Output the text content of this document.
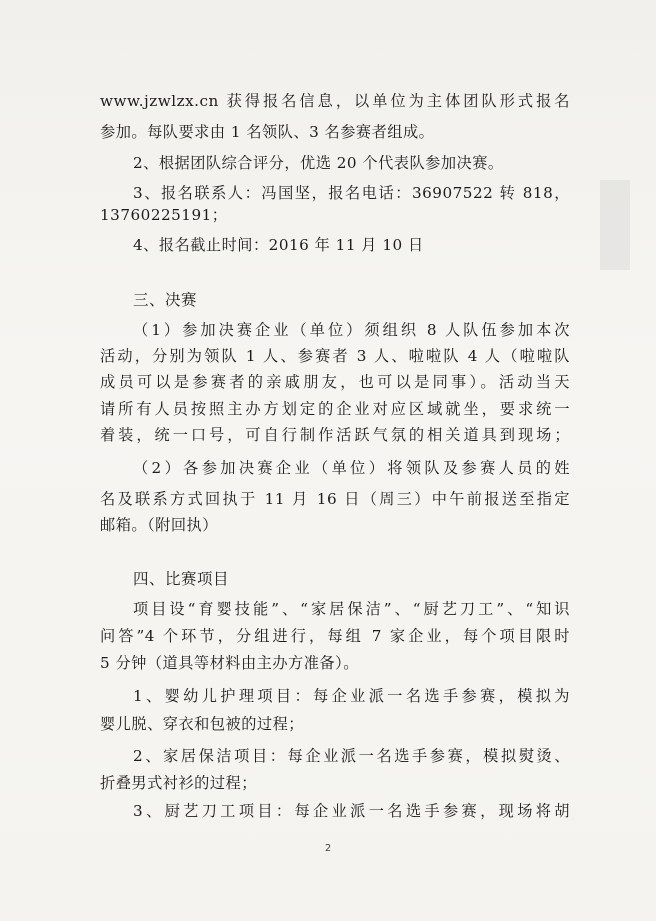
www.jzwlzx.cn 获得报名信息，以单位为主体团队形式报名
参加。每队要求由 1 名领队、3 名参赛者组成。
2、根据团队综合评分，优选 20 个代表队参加决赛。
3、报名联系人：冯国坚，报名电话：36907522 转 818，
13760225191；
4、报名截止时间：2016 年 11 月 10 日
三、决赛
（1）参加决赛企业（单位）须组织 8 人队伍参加本次
活动，分别为领队 1 人、参赛者 3 人、啦啦队 4 人（啦啦队
成员可以是参赛者的亲戚朋友，也可以是同事）。活动当天
请所有人员按照主办方划定的企业对应区域就坐，要求统一
着装，统一口号，可自行制作活跃气氛的相关道具到现场；
（2）各参加决赛企业（单位）将领队及参赛人员的姓
名及联系方式回执于 11 月 16 日（周三）中午前报送至指定
邮箱。（附回执）
四、比赛项目
项目设“育婴技能”、“家居保洁”、“厨艺刀工”、“知识
问答”4 个环节，分组进行，每组 7 家企业，每个项目限时
5 分钟（道具等材料由主办方准备）。
1、婴幼儿护理项目：每企业派一名选手参赛，模拟为
婴儿脱、穿衣和包被的过程；
2、家居保洁项目：每企业派一名选手参赛，模拟熨烫、
折叠男式衬衫的过程；
3、厨艺刀工项目：每企业派一名选手参赛，现场将胡
2
